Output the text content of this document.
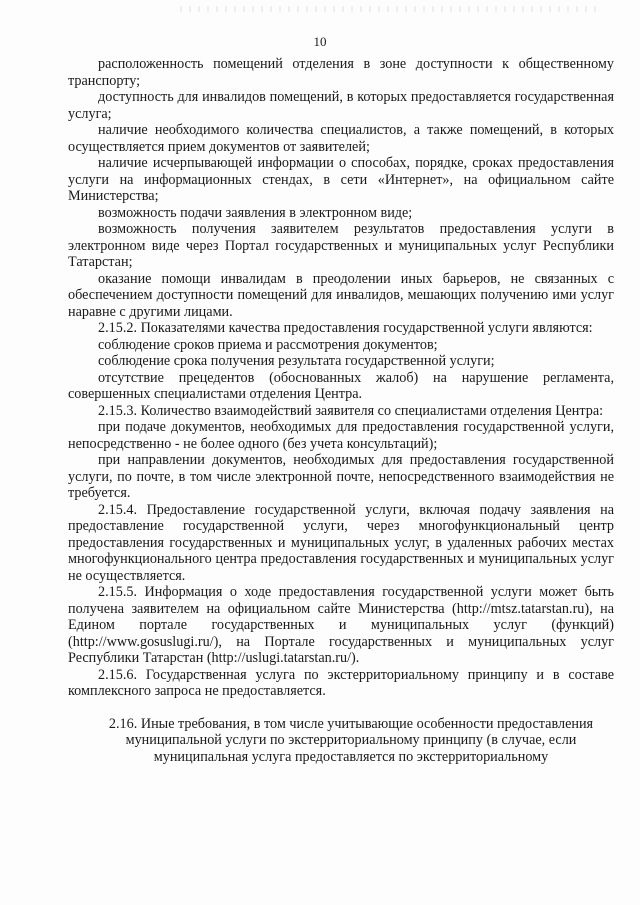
10

расположенность помещений отделения в зоне доступности к общественному транспорту;

доступность для инвалидов помещений, в которых предоставляется государственная услуга;

наличие необходимого количества специалистов, а также помещений, в которых осуществляется прием документов от заявителей;

наличие исчерпывающей информации о способах, порядке, сроках предоставления услуги на информационных стендах, в сети «Интернет», на официальном сайте Министерства;

возможность подачи заявления в электронном виде;

возможность получения заявителем результатов предоставления услуги в электронном виде через Портал государственных и муниципальных услуг Республики Татарстан;

оказание помощи инвалидам в преодолении иных барьеров, не связанных с обеспечением доступности помещений для инвалидов, мешающих получению ими услуг наравне с другими лицами.

2.15.2. Показателями качества предоставления государственной услуги являются:

соблюдение сроков приема и рассмотрения документов;

соблюдение срока получения результата государственной услуги;

отсутствие прецедентов (обоснованных жалоб) на нарушение регламента, совершенных специалистами отделения Центра.

2.15.3. Количество взаимодействий заявителя со специалистами отделения Центра:

при подаче документов, необходимых для предоставления государственной услуги, непосредственно - не более одного (без учета консультаций);

при направлении документов, необходимых для предоставления государственной услуги, по почте, в том числе электронной почте, непосредственного взаимодействия не требуется.

2.15.4. Предоставление государственной услуги, включая подачу заявления на предоставление государственной услуги, через многофункциональный центр предоставления государственных и муниципальных услуг, в удаленных рабочих местах многофункционального центра предоставления государственных и муниципальных услуг не осуществляется.

2.15.5. Информация о ходе предоставления государственной услуги может быть получена заявителем на официальном сайте Министерства (http://mtsz.tatarstan.ru), на Едином портале государственных и муниципальных услуг (функций) (http://www.gosuslugi.ru/), на Портале государственных и муниципальных услуг Республики Татарстан (http://uslugi.tatarstan.ru/).

2.15.6. Государственная услуга по экстерриториальному принципу и в составе комплексного запроса не предоставляется.

2.16. Иные требования, в том числе учитывающие особенности предоставления муниципальной услуги по экстерриториальному принципу (в случае, если муниципальная услуга предоставляется по экстерриториальному
